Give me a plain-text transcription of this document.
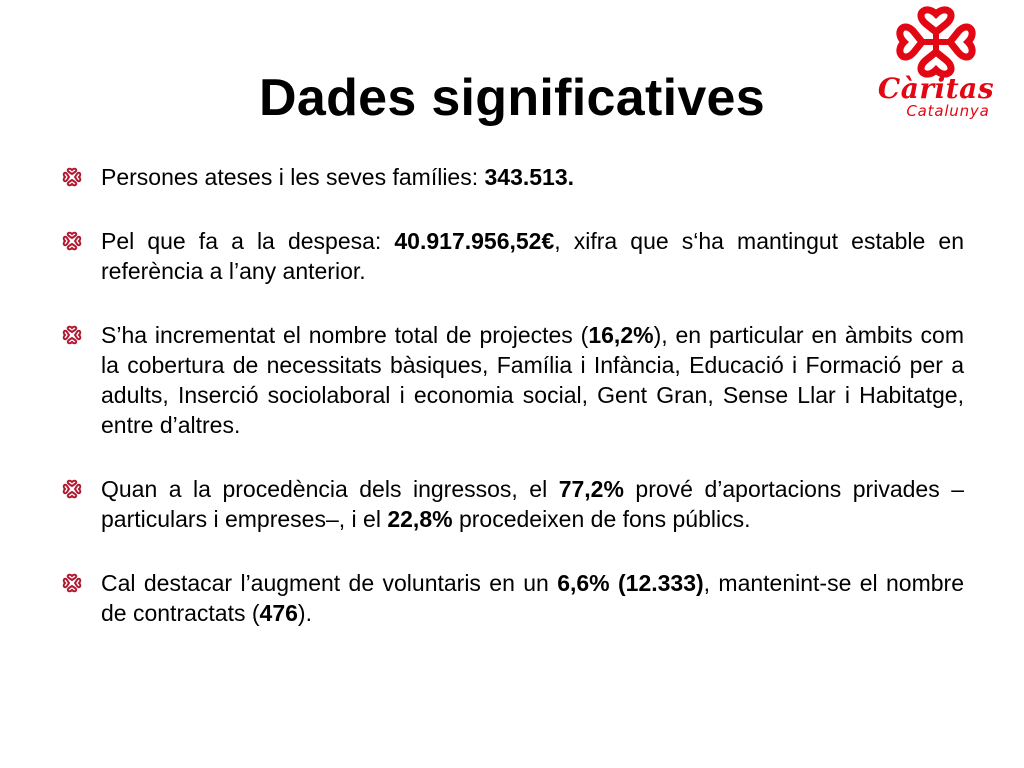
Càritas
Catalunya
Dades significatives
Persones ateses i les seves famílies: 343.513.
Pel que fa a la despesa: 40.917.956,52€, xifra que s‘ha mantingut estable en referència a l’any anterior.
S’ha incrementat el nombre total de projectes (16,2%), en particular en àmbits com la cobertura de necessitats bàsiques, Família i Infància, Educació i Formació per a adults, Inserció sociolaboral i economia social, Gent Gran, Sense Llar i Habitatge, entre d’altres.
Quan a la procedència dels ingressos, el 77,2% prové d’aportacions privades –particulars i empreses–, i el 22,8% procedeixen de fons públics.
Cal destacar l’augment de voluntaris en un 6,6% (12.333), mantenint-se el nombre de contractats (476).
